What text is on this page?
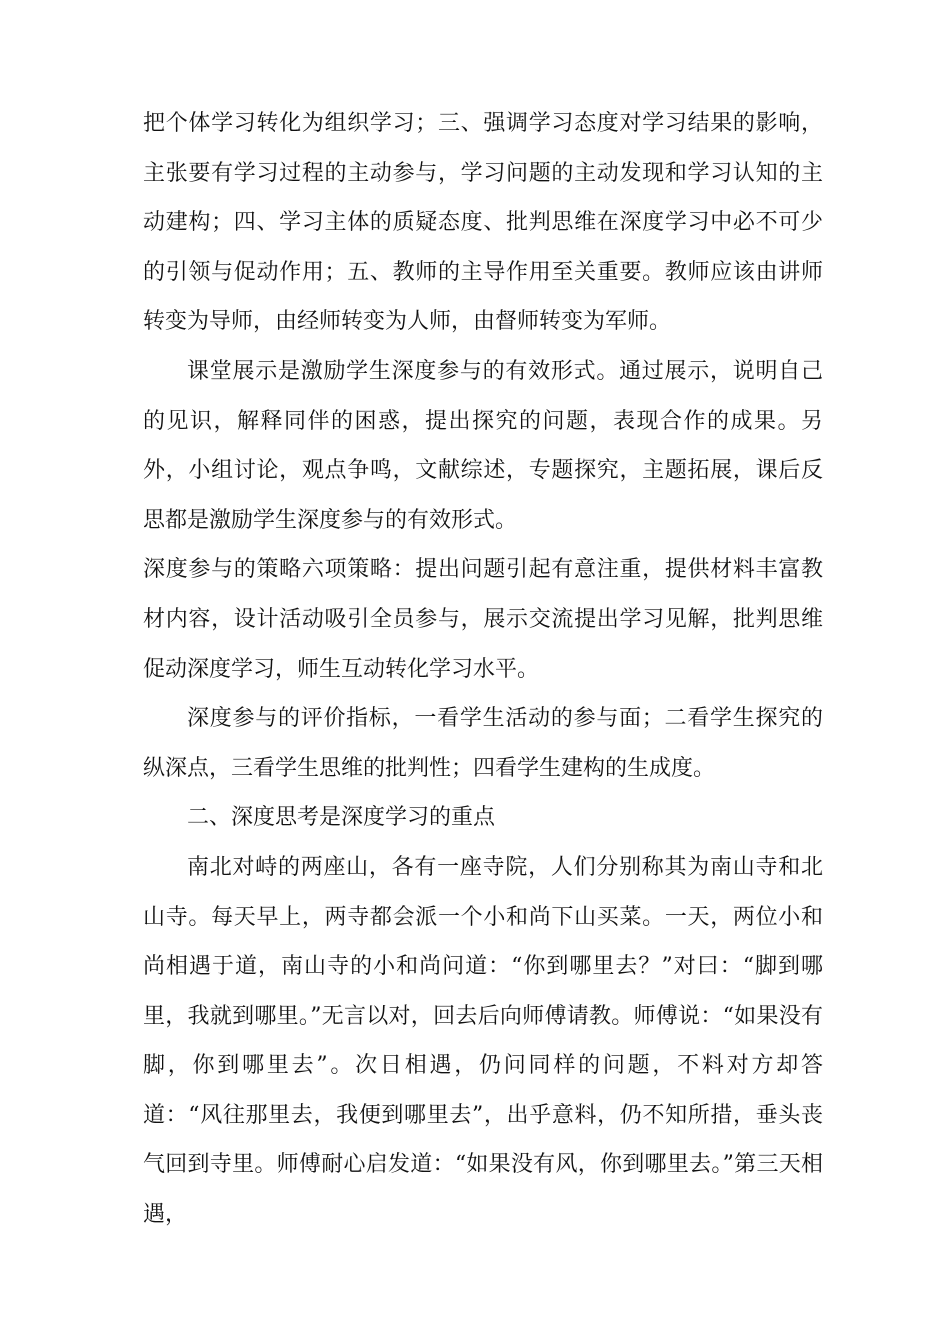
把个体学习转化为组织学习；三、强调学习态度对学习结果的影响，主张要有学习过程的主动参与，学习问题的主动发现和学习认知的主动建构；四、学习主体的质疑态度、批判思维在深度学习中必不可少的引领与促动作用；五、教师的主导作用至关重要。教师应该由讲师转变为导师，由经师转变为人师，由督师转变为军师。

课堂展示是激励学生深度参与的有效形式。通过展示，说明自己的见识，解释同伴的困惑，提出探究的问题，表现合作的成果。另外，小组讨论，观点争鸣，文献综述，专题探究，主题拓展，课后反思都是激励学生深度参与的有效形式。

深度参与的策略六项策略：提出问题引起有意注重，提供材料丰富教材内容，设计活动吸引全员参与，展示交流提出学习见解，批判思维促动深度学习，师生互动转化学习水平。

深度参与的评价指标，一看学生活动的参与面；二看学生探究的纵深点，三看学生思维的批判性；四看学生建构的生成度。

二、深度思考是深度学习的重点

南北对峙的两座山，各有一座寺院，人们分别称其为南山寺和北山寺。每天早上，两寺都会派一个小和尚下山买菜。一天，两位小和尚相遇于道，南山寺的小和尚问道：“你到哪里去？”对曰：“脚到哪里，我就到哪里。”无言以对，回去后向师傅请教。师傅说：“如果没有脚，你到哪里去”。次日相遇，仍问同样的问题，不料对方却答道：“风往那里去，我便到哪里去”，出乎意料，仍不知所措，垂头丧气回到寺里。师傅耐心启发道：“如果没有风，你到哪里去。”第三天相遇，
